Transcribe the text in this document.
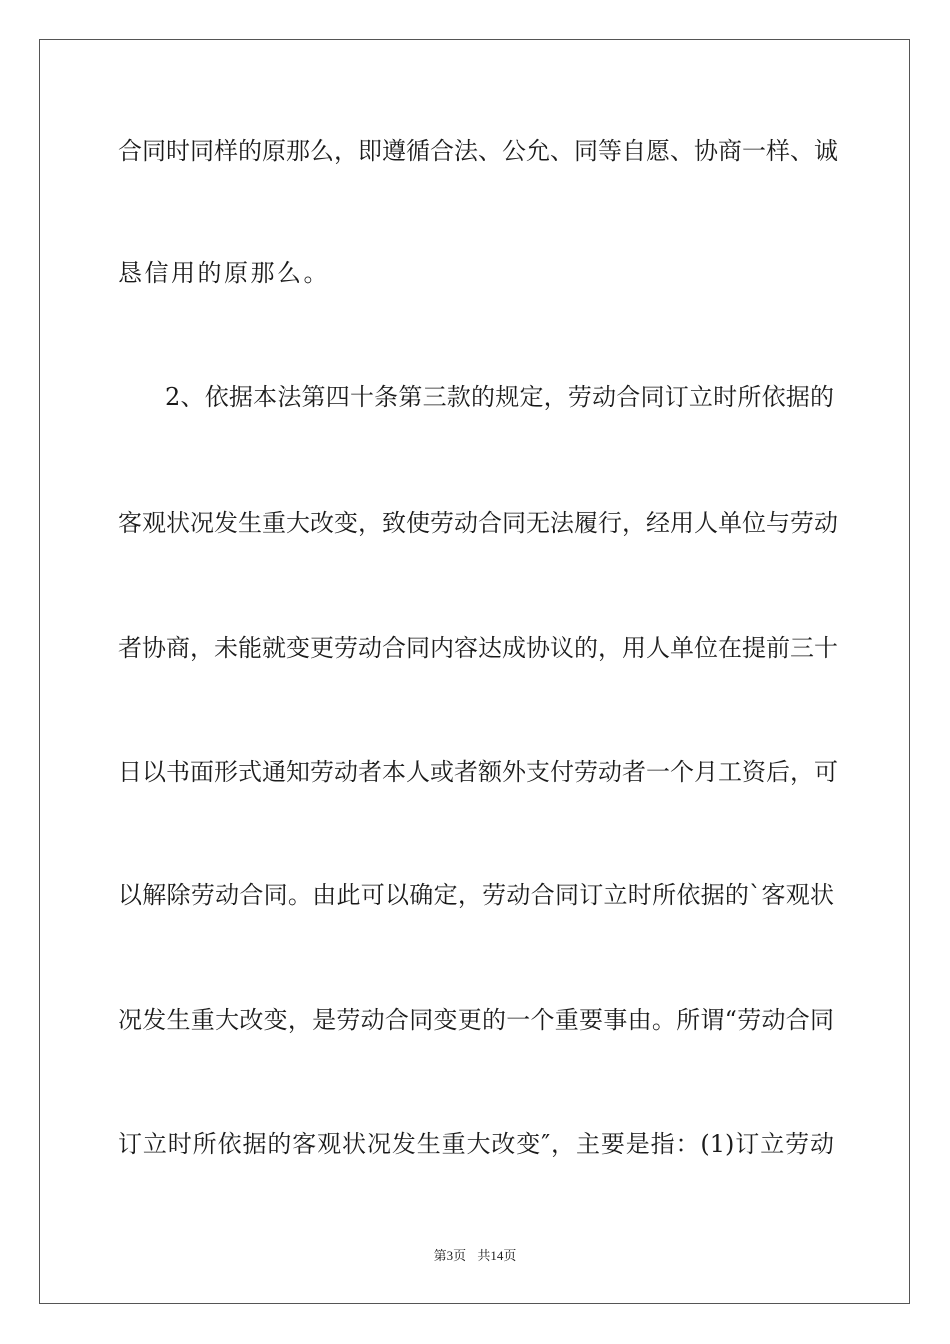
合同时同样的原那么，即遵循合法、公允、同等自愿、协商一样、诚
恳信用的原那么。
2、依据本法第四十条第三款的规定，劳动合同订立时所依据的
客观状况发生重大改变，致使劳动合同无法履行，经用人单位与劳动
者协商，未能就变更劳动合同内容达成协议的，用人单位在提前三十
日以书面形式通知劳动者本人或者额外支付劳动者一个月工资后，可
以解除劳动合同。由此可以确定，劳动合同订立时所依据的`客观状
况发生重大改变，是劳动合同变更的一个重要事由。所谓“劳动合同
订立时所依据的客观状况发生重大改变″，主要是指：(1)订立劳动
第3页 共14页
